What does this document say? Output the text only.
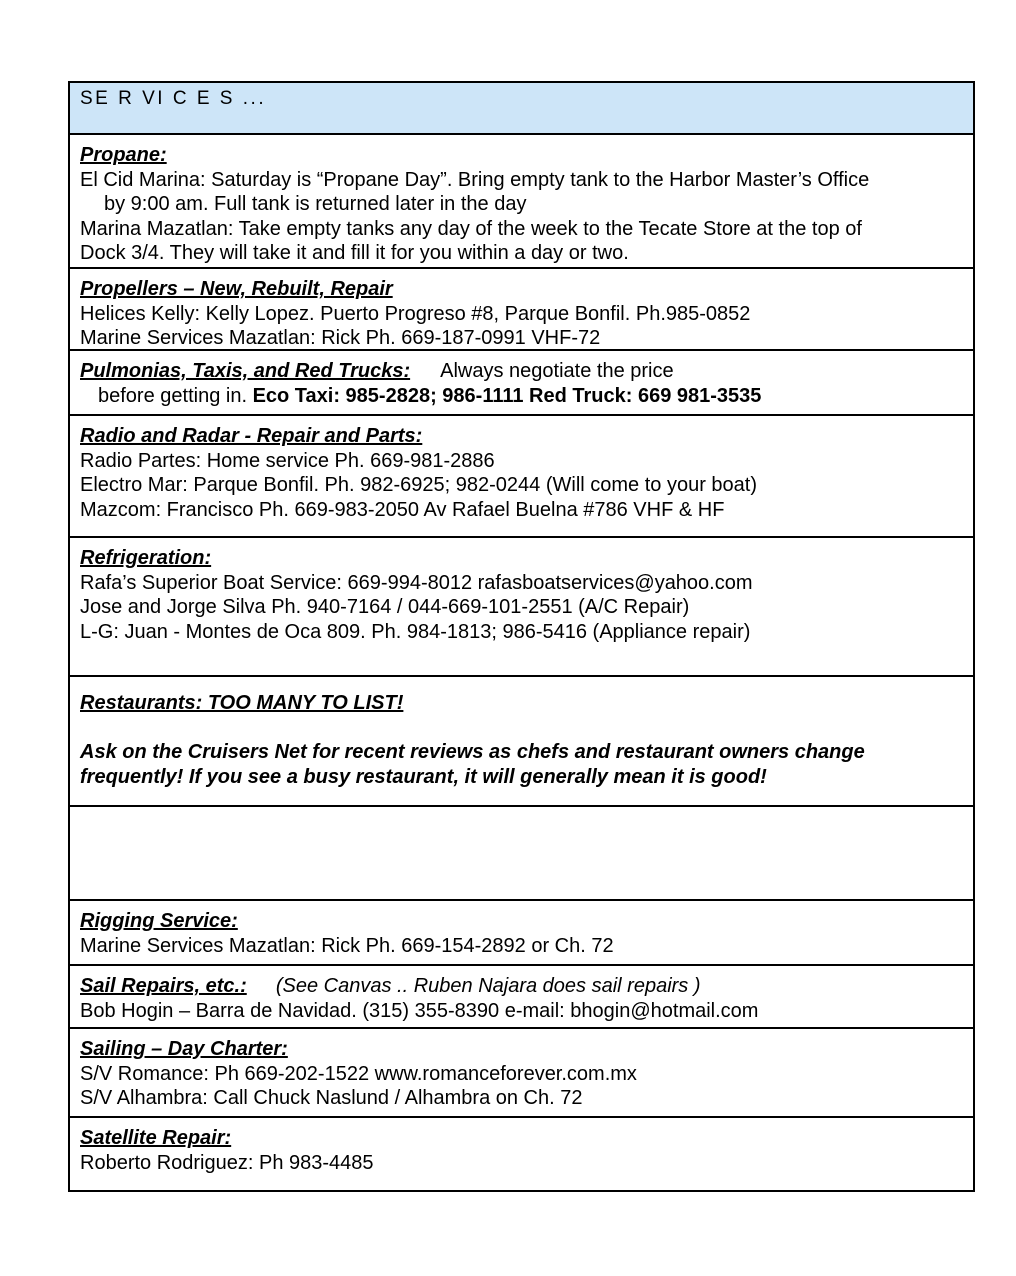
SE R VI C E S ...
Propane:
El Cid Marina: Saturday is “Propane Day”. Bring empty tank to the Harbor Master’s Office
by 9:00 am. Full tank is returned later in the day
Marina Mazatlan: Take empty tanks any day of the week to the Tecate Store at the top of
Dock 3/4. They will take it and fill it for you within a day or two.
Propellers – New, Rebuilt, Repair
Helices Kelly: Kelly Lopez. Puerto Progreso #8, Parque Bonfil. Ph.985-0852
Marine Services Mazatlan: Rick Ph. 669-187-0991 VHF-72
Pulmonias, Taxis, and Red Trucks: Always negotiate the price
before getting in. Eco Taxi: 985-2828; 986-1111 Red Truck: 669 981-3535
Radio and Radar - Repair and Parts:
Radio Partes: Home service Ph. 669-981-2886
Electro Mar: Parque Bonfil. Ph. 982-6925; 982-0244 (Will come to your boat)
Mazcom: Francisco Ph. 669-983-2050 Av Rafael Buelna #786 VHF & HF
Refrigeration:
Rafa’s Superior Boat Service: 669-994-8012 rafasboatservices@yahoo.com
Jose and Jorge Silva Ph. 940-7164 / 044-669-101-2551 (A/C Repair)
L-G: Juan - Montes de Oca 809. Ph. 984-1813; 986-5416 (Appliance repair)
Restaurants: TOO MANY TO LIST!
Ask on the Cruisers Net for recent reviews as chefs and restaurant owners change
frequently! If you see a busy restaurant, it will generally mean it is good!
Rigging Service:
Marine Services Mazatlan: Rick Ph. 669-154-2892 or Ch. 72
Sail Repairs, etc.: (See Canvas .. Ruben Najara does sail repairs )
Bob Hogin – Barra de Navidad. (315) 355-8390 e-mail: bhogin@hotmail.com
Sailing – Day Charter:
S/V Romance: Ph 669-202-1522 www.romanceforever.com.mx
S/V Alhambra: Call Chuck Naslund / Alhambra on Ch. 72
Satellite Repair:
Roberto Rodriguez: Ph 983-4485
